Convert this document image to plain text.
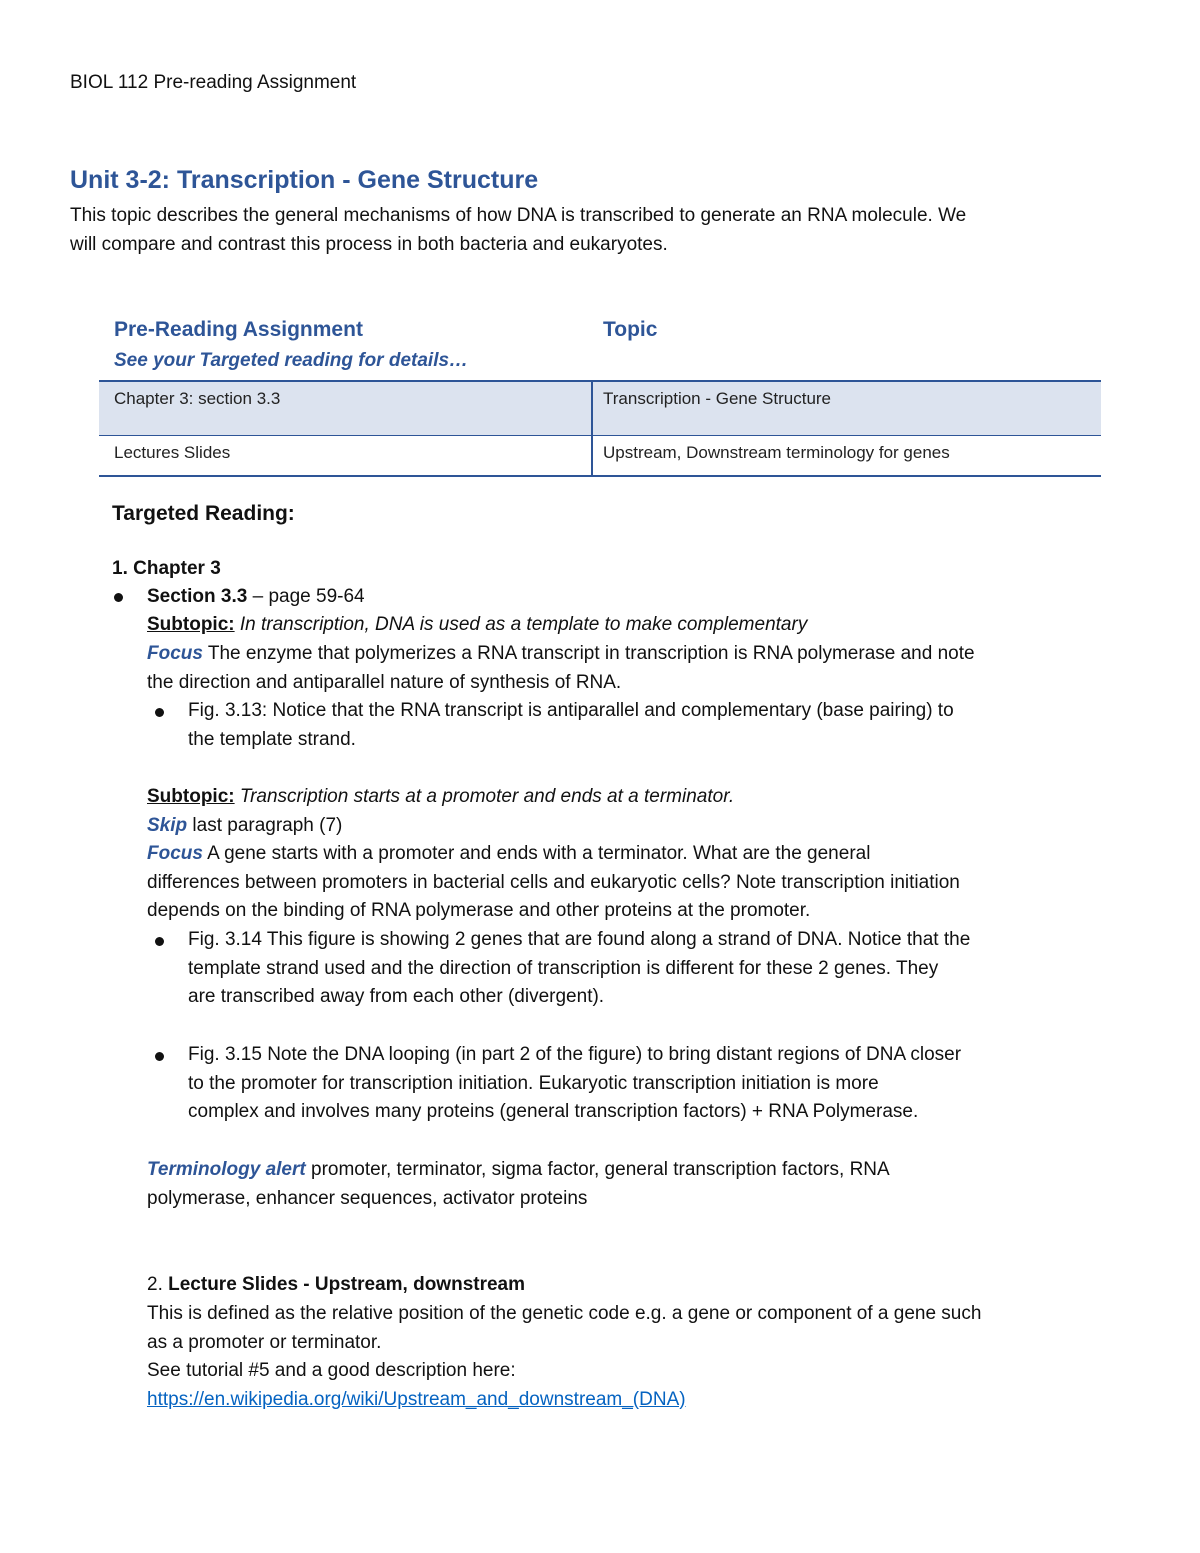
BIOL 112 Pre-reading Assignment
Unit 3-2: Transcription - Gene Structure
This topic describes the general mechanisms of how DNA is transcribed to generate an RNA molecule. We
will compare and contrast this process in both bacteria and eukaryotes.
Pre-Reading Assignment	Topic
See your Targeted reading for details…
Chapter 3: section 3.3	Transcription - Gene Structure
Lectures Slides	Upstream, Downstream terminology for genes
Targeted Reading:
1. Chapter 3
Section 3.3 – page 59-64
Subtopic: In transcription, DNA is used as a template to make complementary
Focus The enzyme that polymerizes a RNA transcript in transcription is RNA polymerase and note
the direction and antiparallel nature of synthesis of RNA.
Fig. 3.13: Notice that the RNA transcript is antiparallel and complementary (base pairing) to
the template strand.
Subtopic: Transcription starts at a promoter and ends at a terminator.
Skip last paragraph (7)
Focus A gene starts with a promoter and ends with a terminator. What are the general
differences between promoters in bacterial cells and eukaryotic cells? Note transcription initiation
depends on the binding of RNA polymerase and other proteins at the promoter.
Fig. 3.14 This figure is showing 2 genes that are found along a strand of DNA. Notice that the
template strand used and the direction of transcription is different for these 2 genes. They
are transcribed away from each other (divergent).
Fig. 3.15 Note the DNA looping (in part 2 of the figure) to bring distant regions of DNA closer
to the promoter for transcription initiation. Eukaryotic transcription initiation is more
complex and involves many proteins (general transcription factors) + RNA Polymerase.
Terminology alert promoter, terminator, sigma factor, general transcription factors, RNA
polymerase, enhancer sequences, activator proteins
2. Lecture Slides - Upstream, downstream
This is defined as the relative position of the genetic code e.g. a gene or component of a gene such
as a promoter or terminator.
See tutorial #5 and a good description here:
https://en.wikipedia.org/wiki/Upstream_and_downstream_(DNA)
